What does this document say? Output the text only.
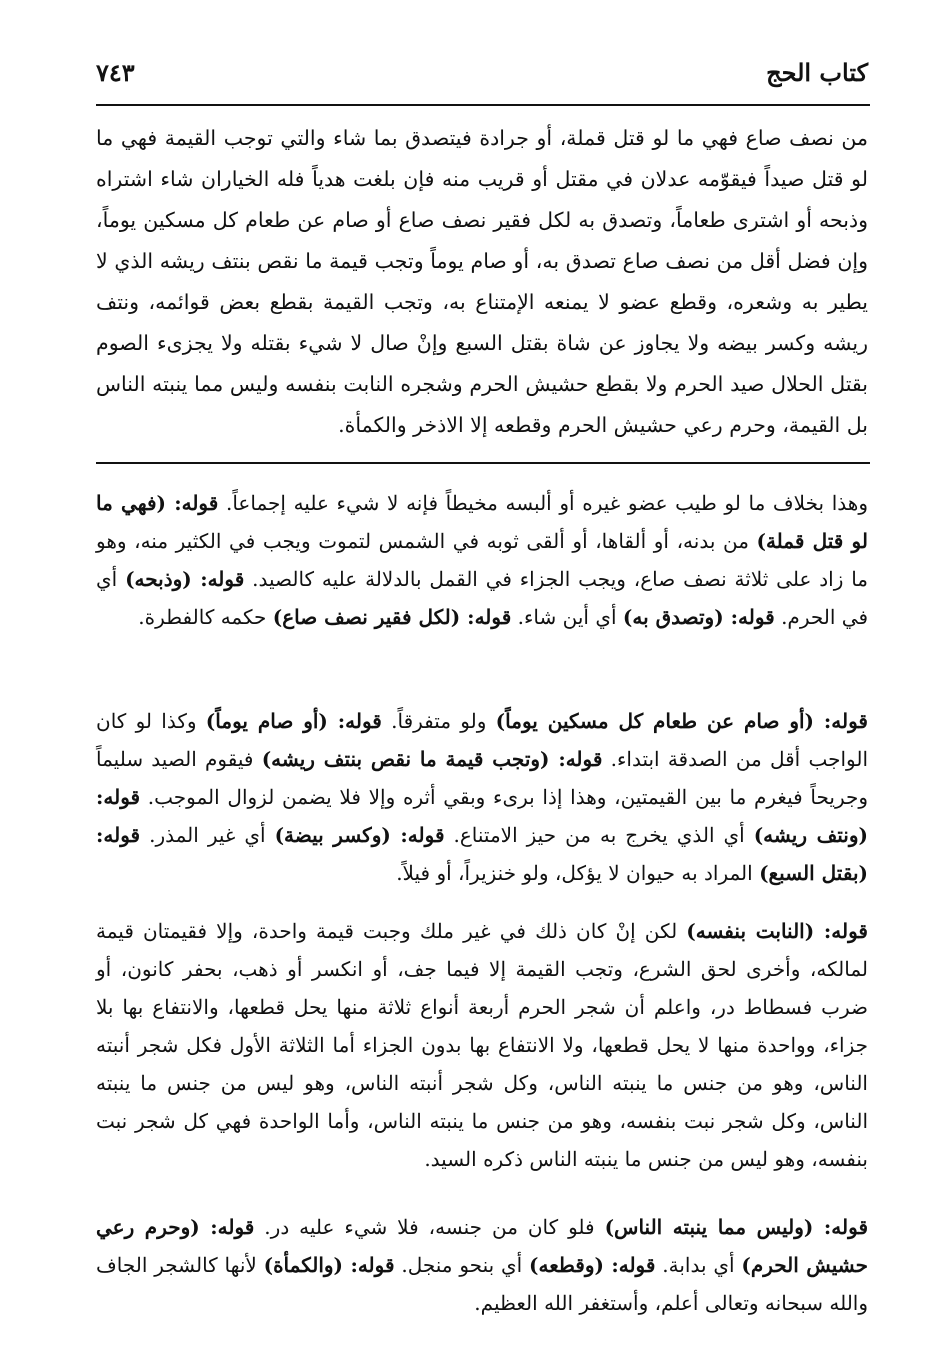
كتاب الحج
٧٤٣
من نصف صاع فهي ما لو قتل قملة، أو جرادة فيتصدق بما شاء والتي توجب القيمة فهي ما لو قتل صيداً فيقوّمه عدلان في مقتل أو قريب منه فإن بلغت هدياً فله الخياران شاء اشتراه وذبحه أو اشترى طعاماً، وتصدق به لكل فقير نصف صاع أو صام عن طعام كل مسكين يوماً، وإن فضل أقل من نصف صاع تصدق به، أو صام يوماً وتجب قيمة ما نقص بنتف ريشه الذي لا يطير به وشعره، وقطع عضو لا يمنعه الإمتناع به، وتجب القيمة بقطع بعض قوائمه، ونتف ريشه وكسر بيضه ولا يجاوز عن شاة بقتل السبع وإنْ صال لا شيء بقتله ولا يجزىء الصوم بقتل الحلال صيد الحرم ولا بقطع حشيش الحرم وشجره النابت بنفسه وليس مما ينبته الناس بل القيمة، وحرم رعي حشيش الحرم وقطعه إلا الاذخر والكمأة.
وهذا بخلاف ما لو طيب عضو غيره أو ألبسه مخيطاً فإنه لا شيء عليه إجماعاً. قوله: (فهي ما لو قتل قملة) من بدنه، أو ألقاها، أو ألقى ثوبه في الشمس لتموت ويجب في الكثير منه، وهو ما زاد على ثلاثة نصف صاع، ويجب الجزاء في القمل بالدلالة عليه كالصيد. قوله: (وذبحه) أي في الحرم. قوله: (وتصدق به) أي أين شاء. قوله: (لكل فقير نصف صاع) حكمه كالفطرة.
قوله: (أو صام عن طعام كل مسكين يوماً) ولو متفرقاً. قوله: (أو صام يوماً) وكذا لو كان الواجب أقل من الصدقة ابتداء. قوله: (وتجب قيمة ما نقص بنتف ريشه) فيقوم الصيد سليماً وجريحاً فيغرم ما بين القيمتين، وهذا إذا برىء وبقي أثره وإلا فلا يضمن لزوال الموجب. قوله: (ونتف ريشه) أي الذي يخرج به من حيز الامتناع. قوله: (وكسر بيضة) أي غير المذر. قوله: (بقتل السبع) المراد به حيوان لا يؤكل، ولو خنزيراً، أو فيلاً.
قوله: (النابت بنفسه) لكن إنْ كان ذلك في غير ملك وجبت قيمة واحدة، وإلا فقيمتان قيمة لمالكه، وأخرى لحق الشرع، وتجب القيمة إلا فيما جف، أو انكسر أو ذهب، بحفر كانون، أو ضرب فسطاط در، واعلم أن شجر الحرم أربعة أنواع ثلاثة منها يحل قطعها، والانتفاع بها بلا جزاء، وواحدة منها لا يحل قطعها، ولا الانتفاع بها بدون الجزاء أما الثلاثة الأول فكل شجر أنبته الناس، وهو من جنس ما ينبته الناس، وكل شجر أنبته الناس، وهو ليس من جنس ما ينبته الناس، وكل شجر نبت بنفسه، وهو من جنس ما ينبته الناس، وأما الواحدة فهي كل شجر نبت بنفسه، وهو ليس من جنس ما ينبته الناس ذكره السيد.
قوله: (وليس مما ينبته الناس) فلو كان من جنسه، فلا شيء عليه در. قوله: (وحرم رعي حشيش الحرم) أي بدابة. قوله: (وقطعه) أي بنحو منجل. قوله: (والكمأة) لأنها كالشجر الجاف والله سبحانه وتعالى أعلم، وأستغفر الله العظيم.
